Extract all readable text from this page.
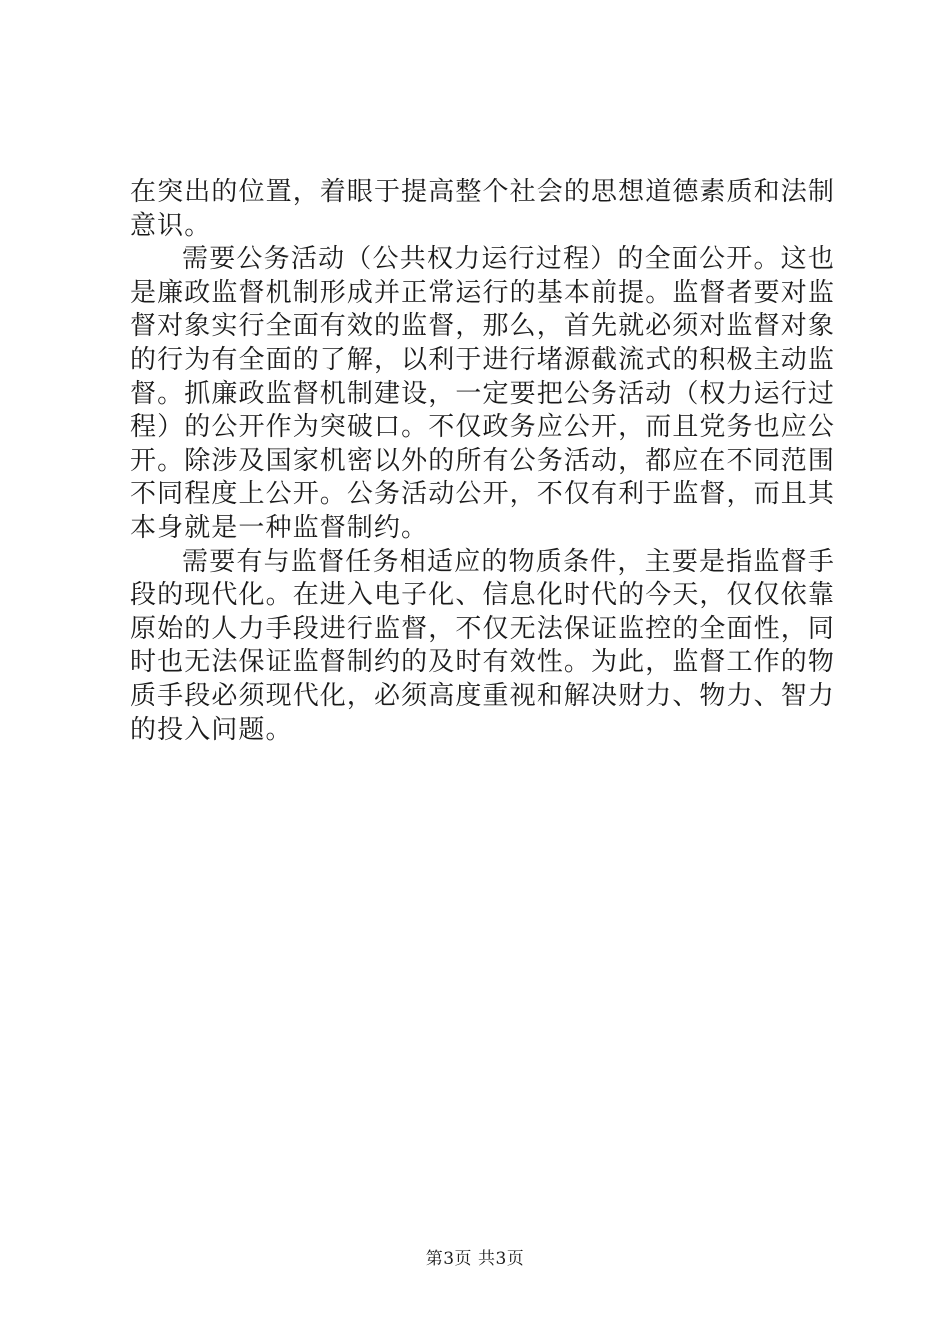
在突出的位置，着眼于提高整个社会的思想道德素质和法制意识。

需要公务活动（公共权力运行过程）的全面公开。这也是廉政监督机制形成并正常运行的基本前提。监督者要对监督对象实行全面有效的监督，那么，首先就必须对监督对象的行为有全面的了解，以利于进行堵源截流式的积极主动监督。抓廉政监督机制建设，一定要把公务活动（权力运行过程）的公开作为突破口。不仅政务应公开，而且党务也应公开。除涉及国家机密以外的所有公务活动，都应在不同范围不同程度上公开。公务活动公开，不仅有利于监督，而且其本身就是一种监督制约。

需要有与监督任务相适应的物质条件，主要是指监督手段的现代化。在进入电子化、信息化时代的今天，仅仅依靠原始的人力手段进行监督，不仅无法保证监控的全面性，同时也无法保证监督制约的及时有效性。为此，监督工作的物质手段必须现代化，必须高度重视和解决财力、物力、智力的投入问题。

第3页 共3页
